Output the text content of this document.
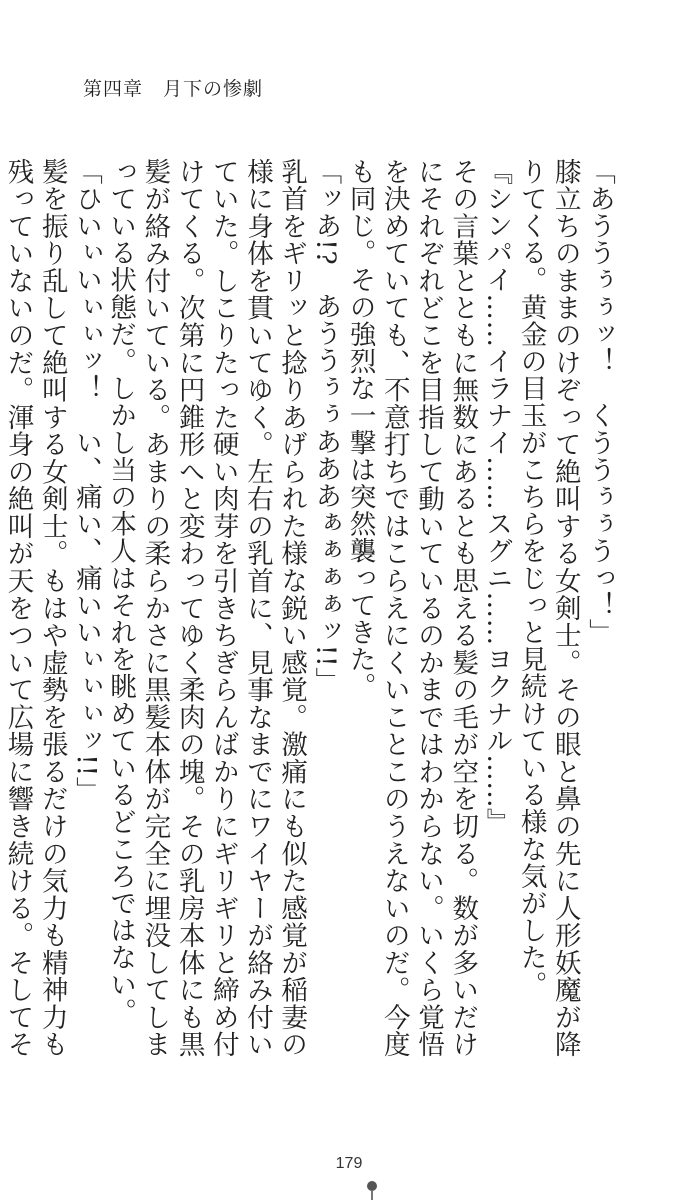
第四章　 月下の惨劇

「あううぅぅッ！　くううぅぅうっ！」

膝立ちのままのけぞって絶叫する女剣士。その眼と鼻の先に人形妖魔が降りてくる。黄金の目玉がこちらをじっと見続けている様な気がした。

『シンパイ……イラナイ……スグニ……ヨクナル……』

その言葉とともに無数にあるとも思える髪の毛が空を切る。数が多いだけにそれぞれどこを目指して動いているのかまではわからない。いくら覚悟を決めていても、不意打ちではこらえにくいことこのうえないのだ。今度も同じ。その強烈な一撃は突然襲ってきた。

「ッあ!?　あううぅぅあああぁぁぁぁッ!!」

乳首をギリッと捻りあげられた様な鋭い感覚。激痛にも似た感覚が稲妻の様に身体を貫いてゆく。左右の乳首に、見事なまでにワイヤーが絡み付いていた。しこりたった硬い肉芽を引きちぎらんばかりにギリギリと締め付けてくる。次第に円錐形へと変わってゆく柔肉の塊。その乳房本体にも黒髪が絡み付いている。あまりの柔らかさに黒髪本体が完全に埋没してしまっている状態だ。しかし当の本人はそれを眺めているどころではない。

「ひいぃいぃぃッ！　い、痛い、痛いいぃぃぃッ!!」

髪を振り乱して絶叫する女剣士。もはや虚勢を張るだけの気力も精神力も残っていないのだ。渾身の絶叫が天をついて広場に響き続ける。そしてそ

179
